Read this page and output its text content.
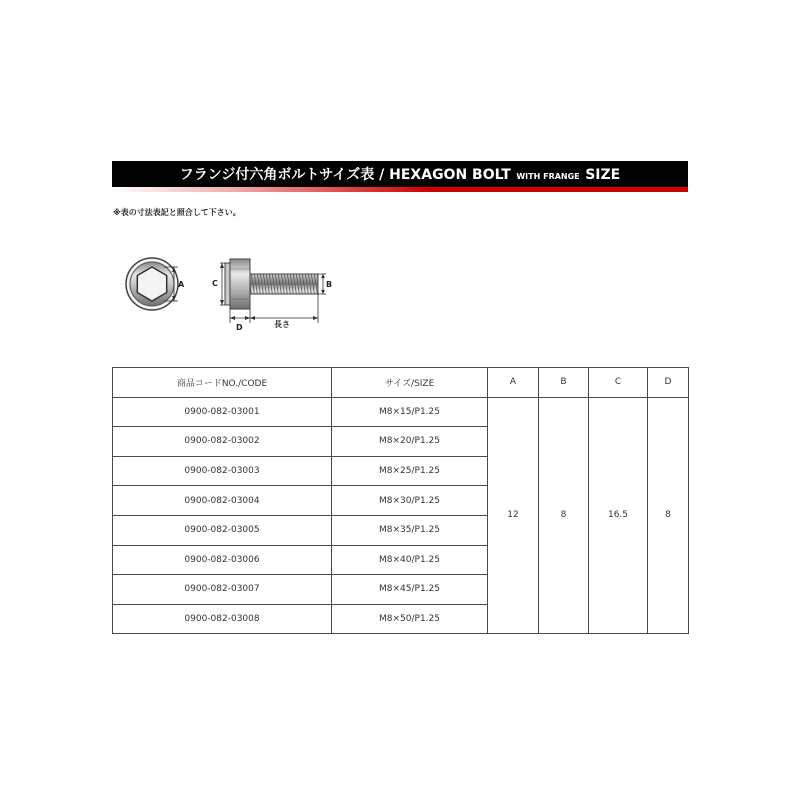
フランジ付六角ボルトサイズ表 / HEXAGON BOLT WITH FRANGE SIZE
※表の寸法表記と照合して下さい。
A	C	B
D	長さ
商品コードNO./CODE	サイズ/SIZE	A	B	C	D
0900-082-03001	M8×15/P1.25	12	8	16.5	8
0900-082-03002	M8×20/P1.25				
0900-082-03003	M8×25/P1.25				
0900-082-03004	M8×30/P1.25				
0900-082-03005	M8×35/P1.25				
0900-082-03006	M8×40/P1.25				
0900-082-03007	M8×45/P1.25				
0900-082-03008	M8×50/P1.25				
